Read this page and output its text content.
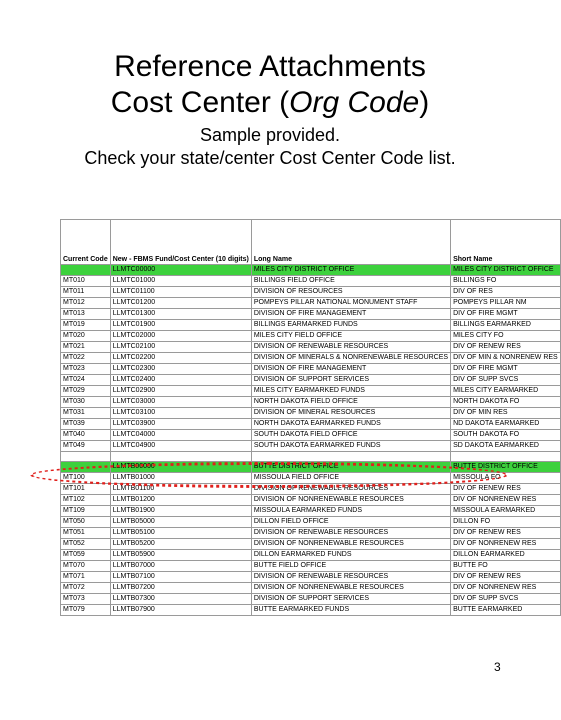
Reference Attachments
Cost Center (Org Code)
Sample provided.
Check your state/center Cost Center Code list.
Current Code	New - FBMS Fund/Cost Center (10 digits)	Long Name	Short Name
	LLMTC00000	MILES CITY DISTRICT OFFICE	MILES CITY DISTRICT OFFICE
MT010	LLMTC01000	BILLINGS FIELD OFFICE	BILLINGS FO
MT011	LLMTC01100	DIVISION OF RESOURCES	DIV OF RES
MT012	LLMTC01200	POMPEYS PILLAR NATIONAL MONUMENT STAFF	POMPEYS PILLAR NM
MT013	LLMTC01300	DIVISION OF FIRE MANAGEMENT	DIV OF FIRE MGMT
MT019	LLMTC01900	BILLINGS EARMARKED FUNDS	BILLINGS EARMARKED
MT020	LLMTC02000	MILES CITY FIELD OFFICE	MILES CITY FO
MT021	LLMTC02100	DIVISION OF RENEWABLE RESOURCES	DIV OF RENEW RES
MT022	LLMTC02200	DIVISION OF MINERALS & NONRENEWABLE RESOURCES	DIV OF MIN & NONRENEW RES
MT023	LLMTC02300	DIVISION OF FIRE MANAGEMENT	DIV OF FIRE MGMT
MT024	LLMTC02400	DIVISION OF SUPPORT SERVICES	DIV OF SUPP SVCS
MT029	LLMTC02900	MILES CITY EARMARKED FUNDS	MILES CITY EARMARKED
MT030	LLMTC03000	NORTH DAKOTA FIELD OFFICE	NORTH DAKOTA FO
MT031	LLMTC03100	DIVISION OF MINERAL RESOURCES	DIV OF MIN RES
MT039	LLMTC03900	NORTH DAKOTA EARMARKED FUNDS	ND DAKOTA EARMARKED
MT040	LLMTC04000	SOUTH DAKOTA FIELD OFFICE	SOUTH DAKOTA FO
MT049	LLMTC04900	SOUTH DAKOTA EARMARKED FUNDS	SD DAKOTA EARMARKED

	LLMTB00000	BUTTE DISTRICT OFFICE	BUTTE DISTRICT OFFICE
MT100	LLMTB01000	MISSOULA FIELD OFFICE	MISSOULA FO
MT101	LLMTB01100	DIVISION OF RENEWABLE RESOURCES	DIV OF RENEW RES
MT102	LLMTB01200	DIVISION OF NONRENEWABLE RESOURCES	DIV OF NONRENEW RES
MT109	LLMTB01900	MISSOULA EARMARKED FUNDS	MISSOULA EARMARKED
MT050	LLMTB05000	DILLON FIELD OFFICE	DILLON FO
MT051	LLMTB05100	DIVISION OF RENEWABLE RESOURCES	DIV OF RENEW RES
MT052	LLMTB05200	DIVISION OF NONRENEWABLE RESOURCES	DIV OF NONRENEW RES
MT059	LLMTB05900	DILLON EARMARKED FUNDS	DILLON EARMARKED
MT070	LLMTB07000	BUTTE FIELD OFFICE	BUTTE FO
MT071	LLMTB07100	DIVISION OF RENEWABLE RESOURCES	DIV OF RENEW RES
MT072	LLMTB07200	DIVISION OF NONRENEWABLE RESOURCES	DIV OF NONRENEW RES
MT073	LLMTB07300	DIVISION OF SUPPORT SERVICES	DIV OF SUPP SVCS
MT079	LLMTB07900	BUTTE EARMARKED FUNDS	BUTTE EARMARKED
3
